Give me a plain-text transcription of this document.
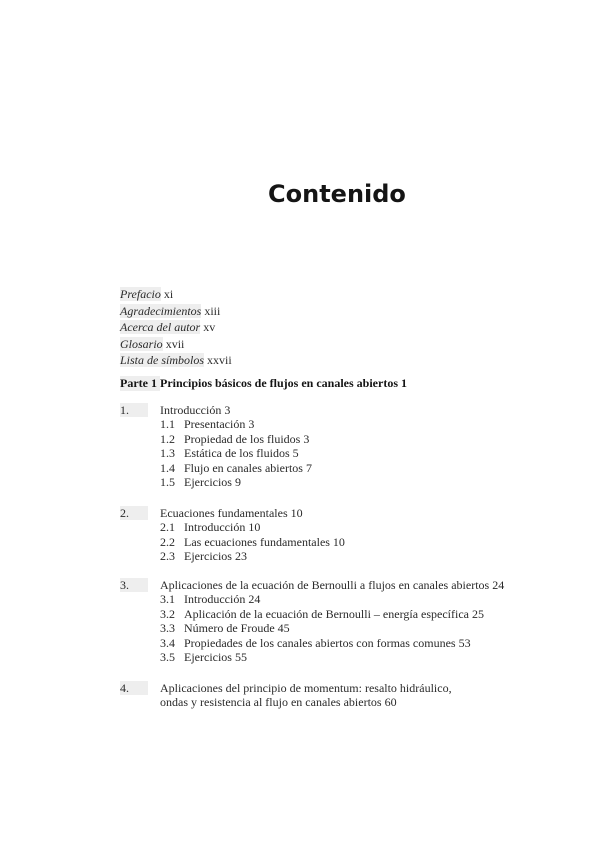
Contenido
Prefacio xi
Agradecimientos xiii
Acerca del autor xv
Glosario xvii
Lista de símbolos xxvii
Parte 1 Principios básicos de flujos en canales abiertos 1
1.	Introducción 3
1.1 Presentación 3
1.2 Propiedad de los fluidos 3
1.3 Estática de los fluidos 5
1.4 Flujo en canales abiertos 7
1.5 Ejercicios 9
2.	Ecuaciones fundamentales 10
2.1 Introducción 10
2.2 Las ecuaciones fundamentales 10
2.3 Ejercicios 23
3.	Aplicaciones de la ecuación de Bernoulli a flujos en canales abiertos 24
3.1 Introducción 24
3.2 Aplicación de la ecuación de Bernoulli – energía específica 25
3.3 Número de Froude 45
3.4 Propiedades de los canales abiertos con formas comunes 53
3.5 Ejercicios 55
4.	Aplicaciones del principio de momentum: resalto hidráulico,
ondas y resistencia al flujo en canales abiertos 60
